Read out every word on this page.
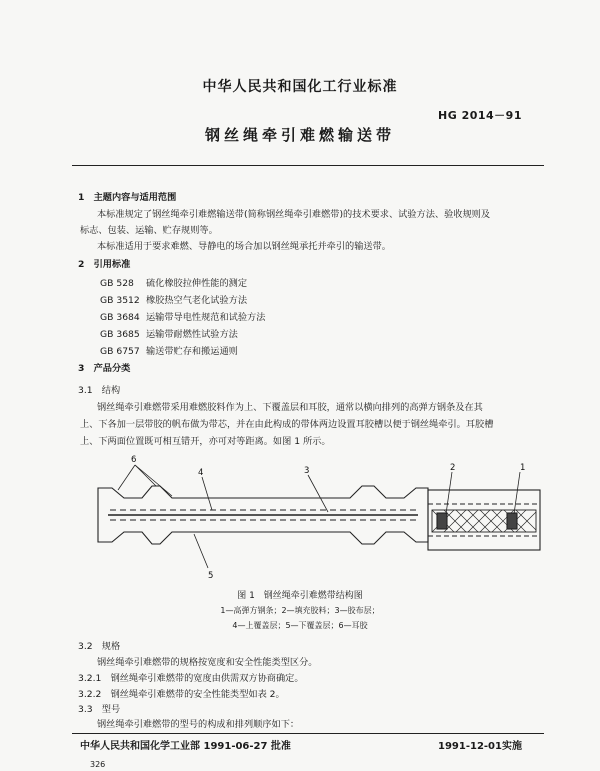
中华人民共和国化工行业标准
HG 2014－91
钢丝绳牵引难燃输送带
1　主题内容与适用范围
本标准规定了钢丝绳牵引难燃输送带(简称钢丝绳牵引难燃带)的技术要求、试验方法、验收规则及
标志、包装、运输、贮存规则等。
本标准适用于要求难燃、导静电的场合加以钢丝绳承托并牵引的输送带。
2　引用标准
GB 528 硫化橡胶拉伸性能的测定
GB 3512 橡胶热空气老化试验方法
GB 3684 运输带导电性规范和试验方法
GB 3685 运输带耐燃性试验方法
GB 6757 输送带贮存和搬运通则
3　产品分类
3.1　结构
钢丝绳牵引难燃带采用难燃胶料作为上、下覆盖层和耳胶，通常以横向排列的高弹方钢条及在其
上、下各加一层带胶的帆布做为带芯，并在由此构成的带体两边设置耳胶槽以便于钢丝绳牵引。耳胶槽
上、下两面位置既可相互错开，亦可对等距离。如图 1 所示。
6
4	3
5
2	1
图 1　钢丝绳牵引难燃带结构图
1—高弹方钢条；2—填充胶料；3—胶布层；
4—上覆盖层；5—下覆盖层；6—耳胶
3.2　规格
钢丝绳牵引难燃带的规格按宽度和安全性能类型区分。
3.2.1　钢丝绳牵引难燃带的宽度由供需双方协商确定。
3.2.2　钢丝绳牵引难燃带的安全性能类型如表 2。
3.3　型号
钢丝绳牵引难燃带的型号的构成和排列顺序如下：
中华人民共和国化学工业部 1991-06-27 批准	1991-12-01实施
326
